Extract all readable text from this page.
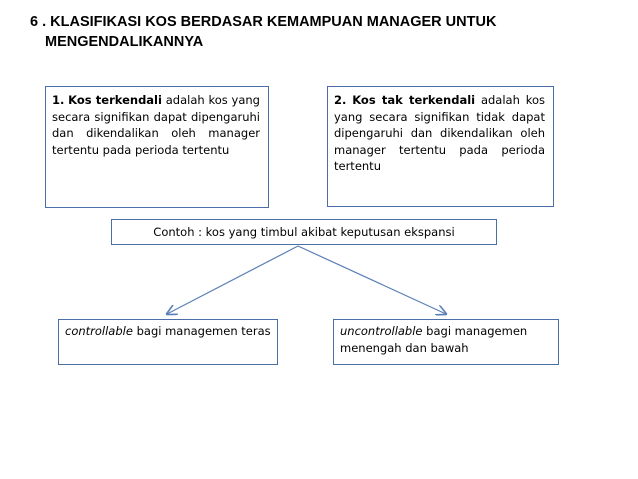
6 . KLASIFIKASI KOS BERDASAR KEMAMPUAN MANAGER UNTUK
MENGENDALIKANNYA
1. Kos terkendali adalah kos yang secara signifikan dapat dipengaruhi dan dikendalikan oleh manager tertentu pada perioda tertentu
2. Kos tak terkendali adalah kos yang secara signifikan tidak dapat dipengaruhi dan dikendalikan oleh manager tertentu pada perioda tertentu
Contoh : kos yang timbul akibat keputusan ekspansi
controllable bagi managemen teras	uncontrollable bagi managemen menengah dan bawah
